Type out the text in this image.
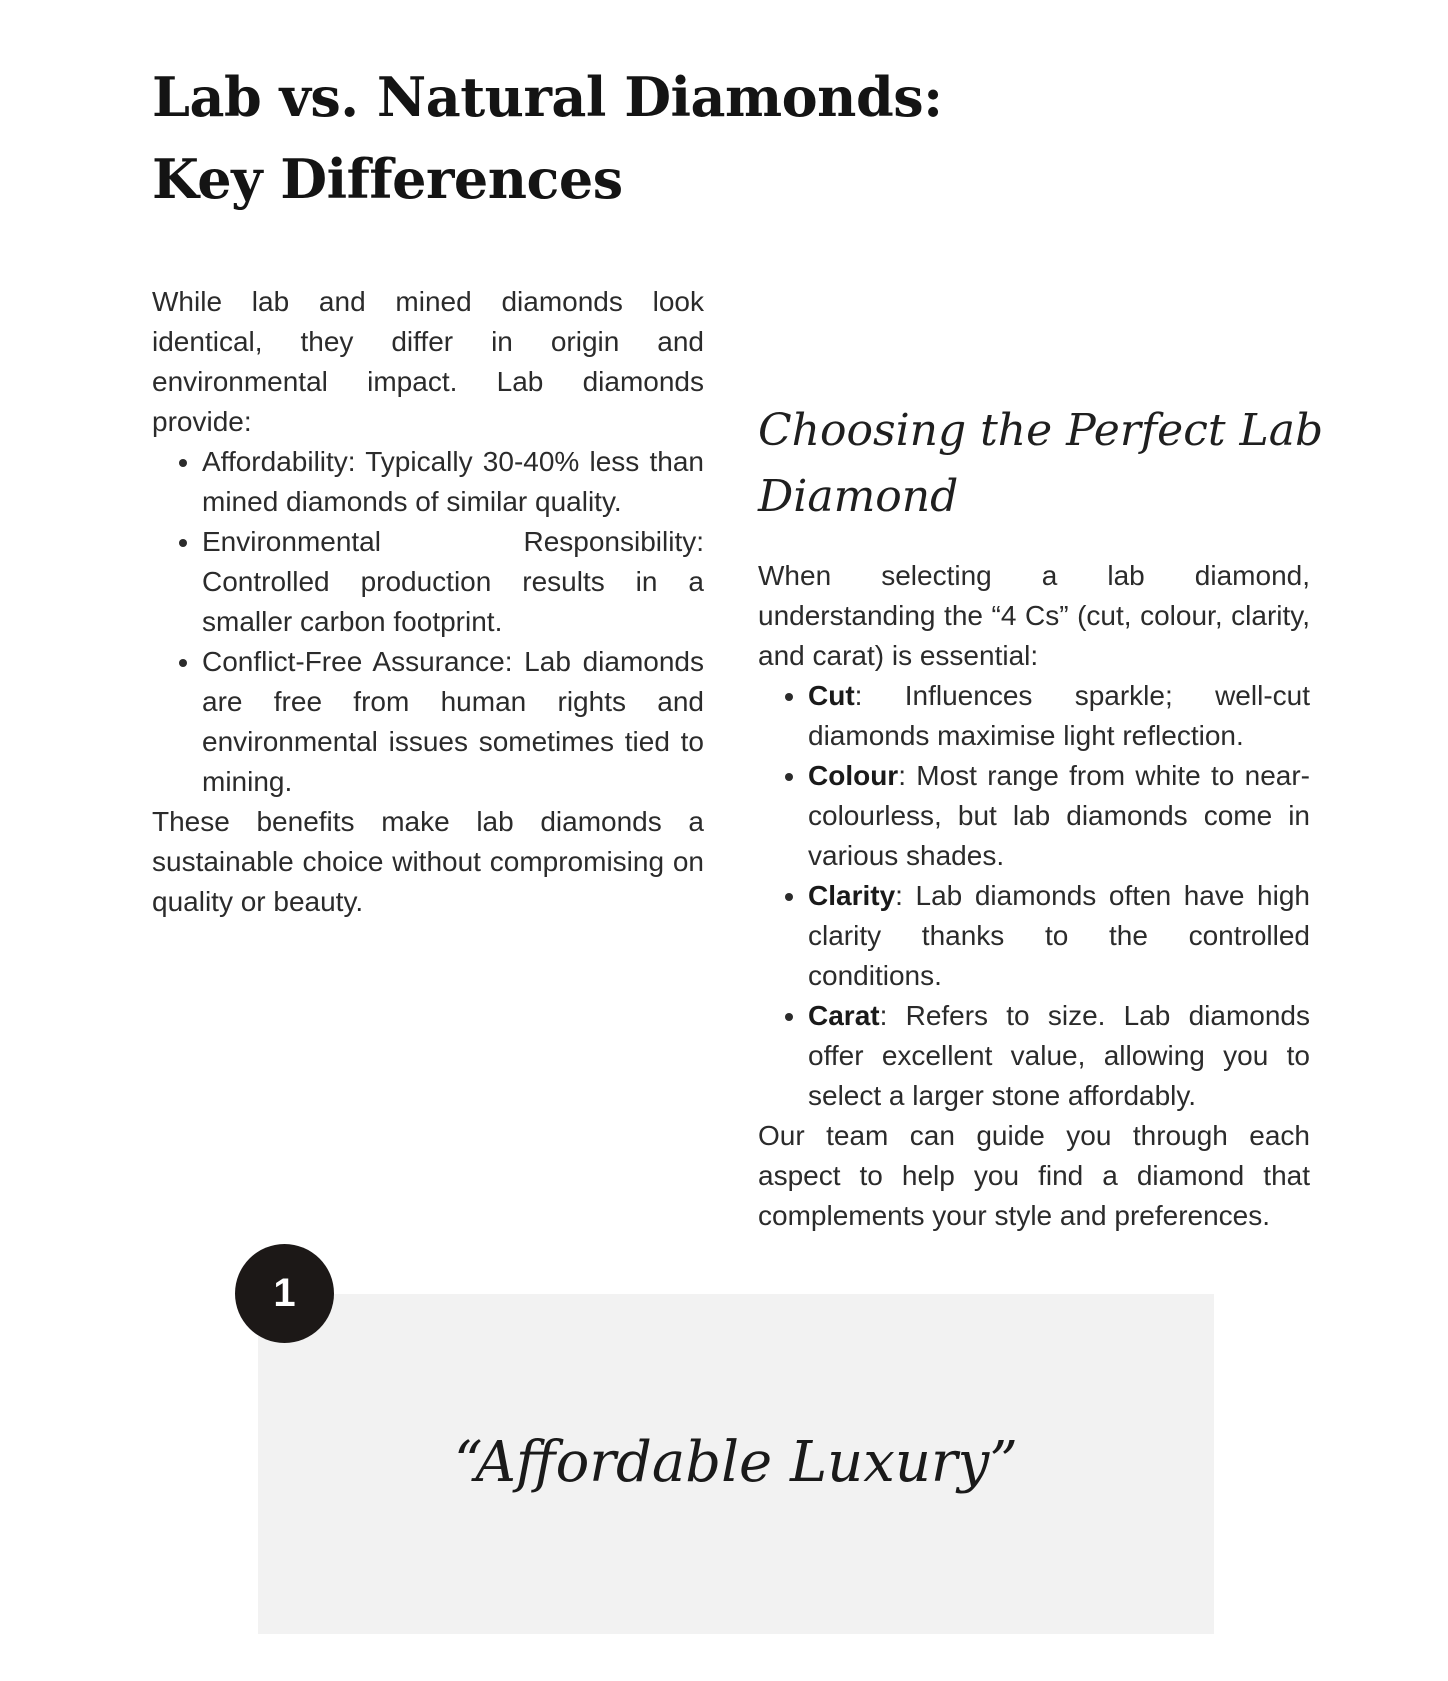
Lab vs. Natural Diamonds: Key Differences

While lab and mined diamonds look identical, they differ in origin and environmental impact. Lab diamonds provide:

• Affordability: Typically 30-40% less than mined diamonds of similar quality.
• Environmental Responsibility: Controlled production results in a smaller carbon footprint.
• Conflict-Free Assurance: Lab diamonds are free from human rights and environmental issues sometimes tied to mining.

These benefits make lab diamonds a sustainable choice without compromising on quality or beauty.

Choosing the Perfect Lab Diamond

When selecting a lab diamond, understanding the “4 Cs” (cut, colour, clarity, and carat) is essential:

• Cut: Influences sparkle; well-cut diamonds maximise light reflection.
• Colour: Most range from white to near-colourless, but lab diamonds come in various shades.
• Clarity: Lab diamonds often have high clarity thanks to the controlled conditions.
• Carat: Refers to size. Lab diamonds offer excellent value, allowing you to select a larger stone affordably.

Our team can guide you through each aspect to help you find a diamond that complements your style and preferences.

“Affordable Luxury”
1
